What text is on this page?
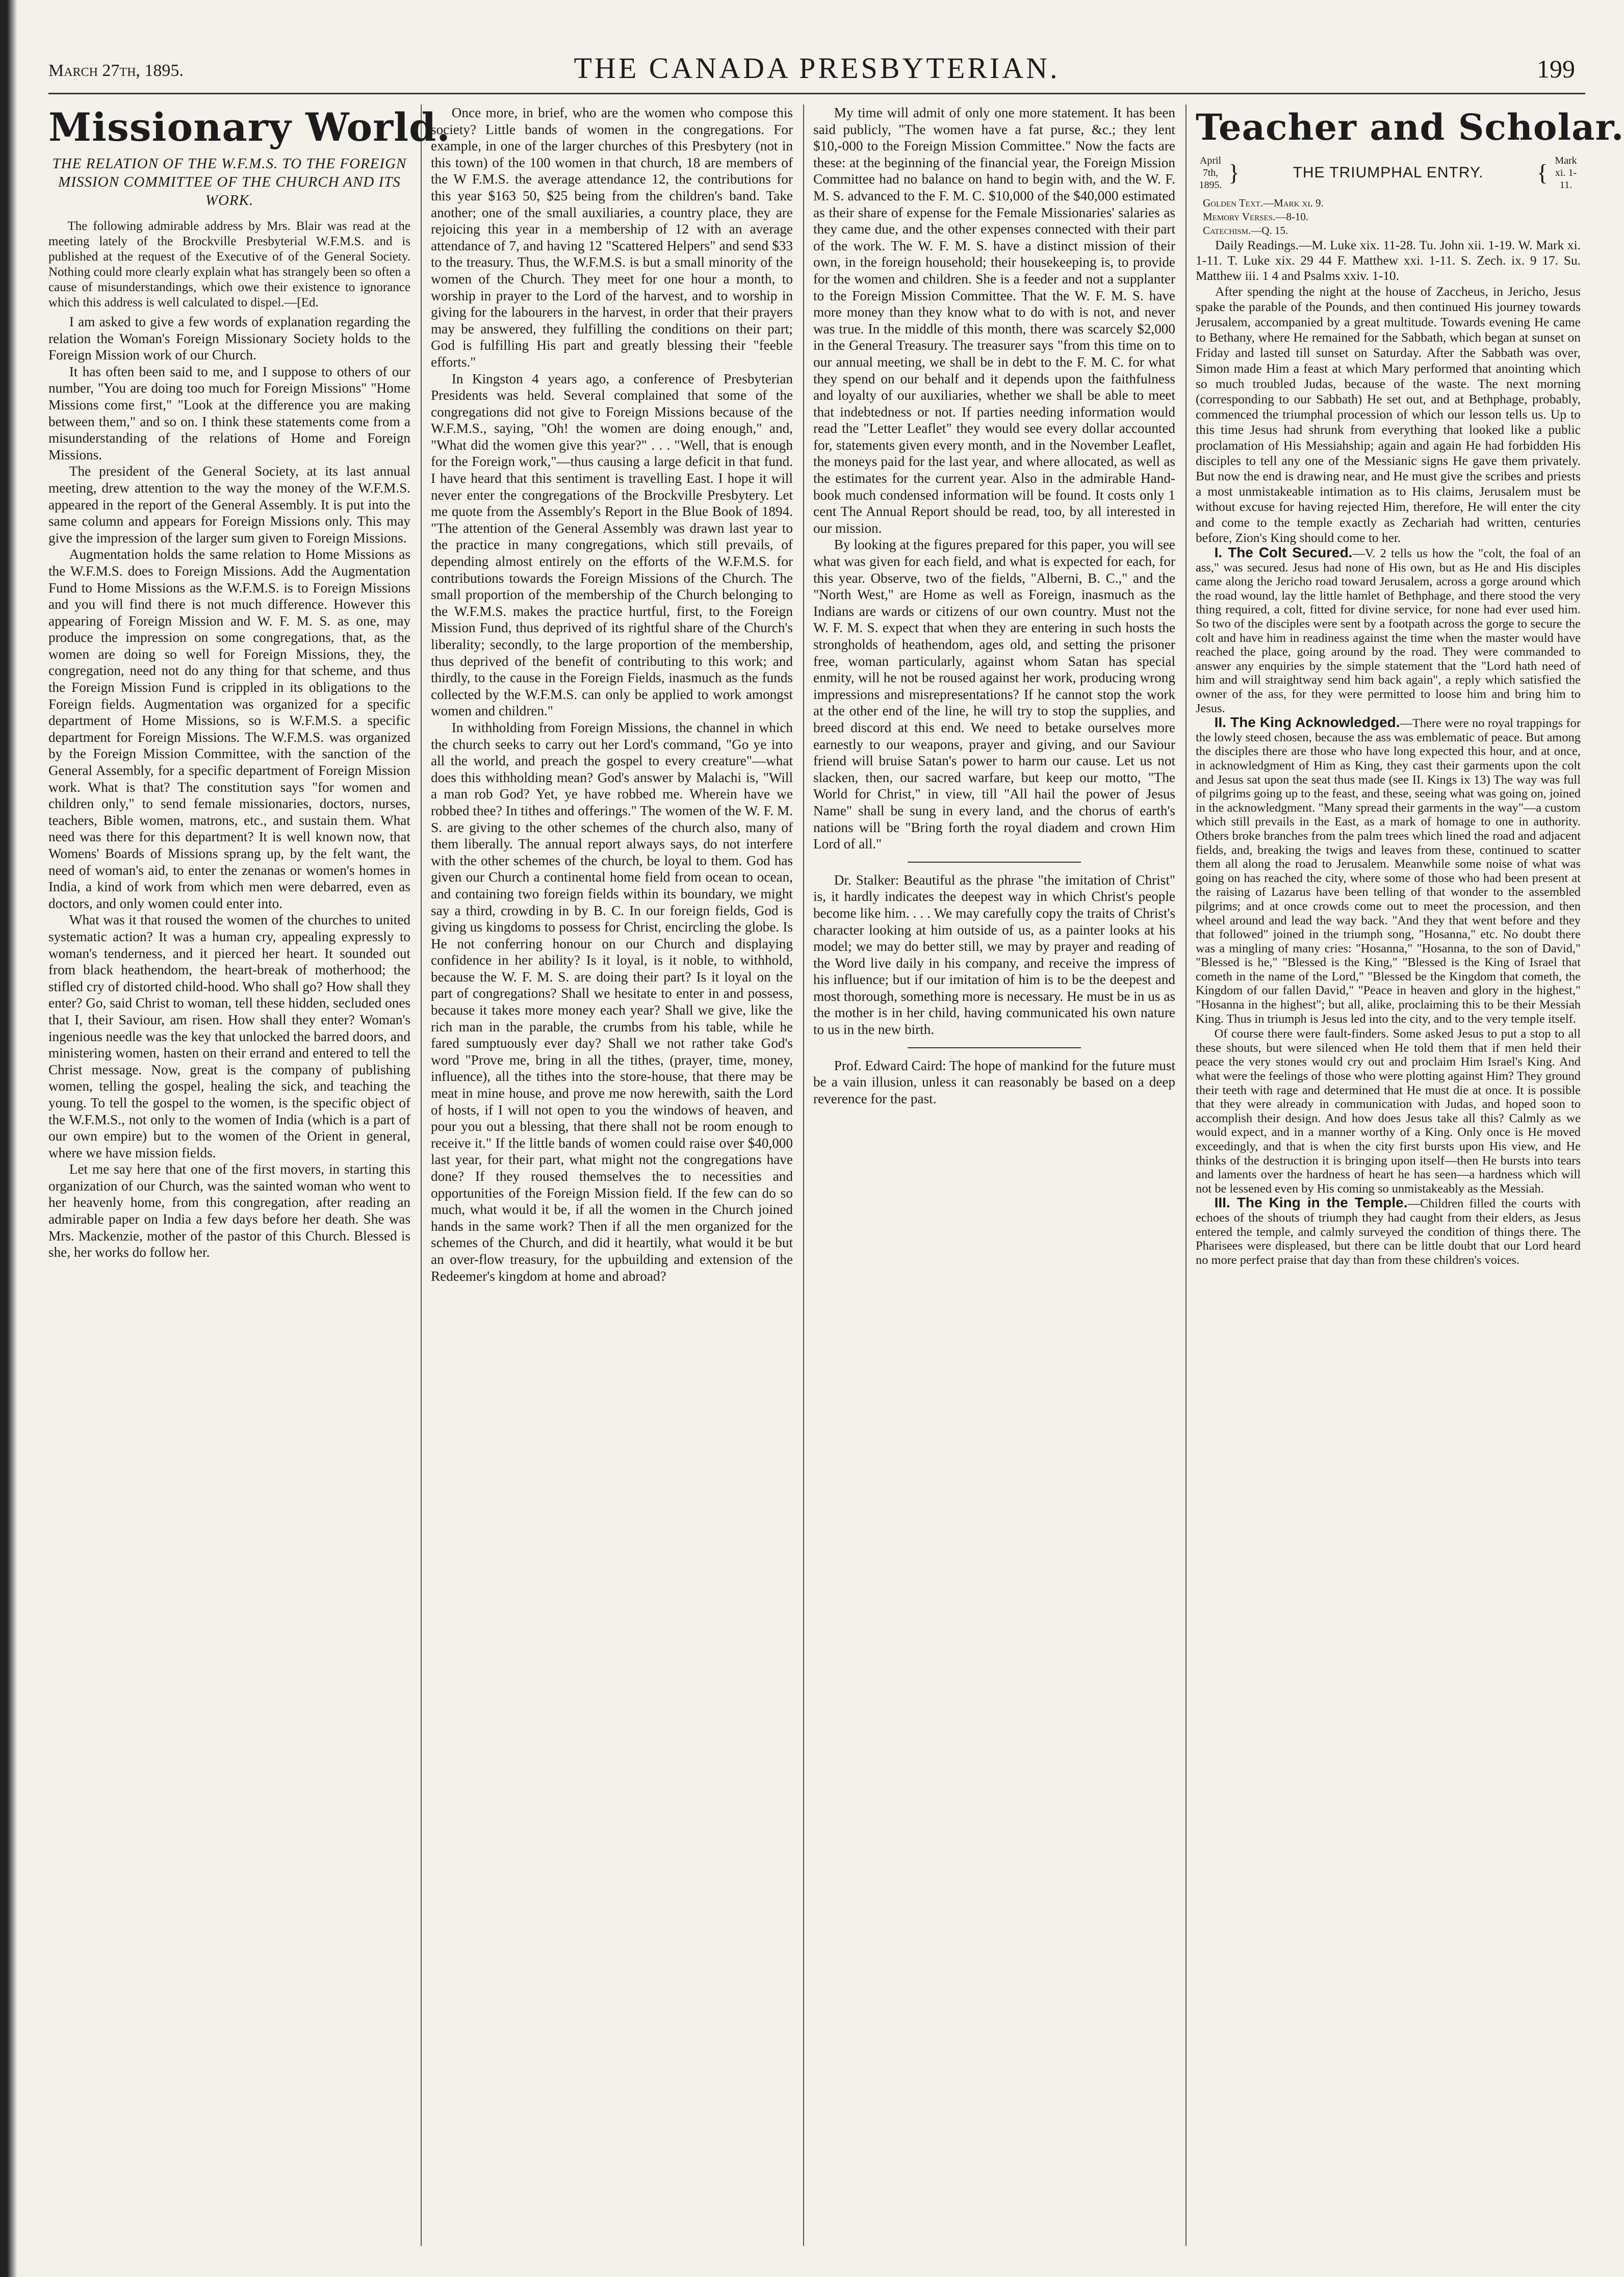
March 27th, 1895.	THE CANADA PRESBYTERIAN.	199
Missionary World.
THE RELATION OF THE W.F.M.S. TO THE FOREIGN MISSION COMMITTEE OF THE CHURCH AND ITS WORK.

The following admirable address by Mrs. Blair was read at the meeting lately of the Brockville Presbyterial W.F.M.S. and is published at the request of the Executive of of the General Society. Nothing could more clearly explain what has strangely been so often a cause of misunderstandings, which owe their existence to ignorance which this address is well calculated to dispel.—[Ed.

I am asked to give a few words of explanation regarding the relation the Woman's Foreign Missionary Society holds to the Foreign Mission work of our Church.

It has often been said to me, and I suppose to others of our number, "You are doing too much for Foreign Missions" "Home Missions come first," "Look at the difference you are making between them," and so on. I think these statements come from a misunderstanding of the relations of Home and Foreign Missions.

The president of the General Society, at its last annual meeting, drew attention to the way the money of the W.F.M.S. appeared in the report of the General Assembly. It is put into the same column and appears for Foreign Missions only. This may give the impression of the larger sum given to Foreign Missions.

Augmentation holds the same relation to Home Missions as the W.F.M.S. does to Foreign Missions. Add the Augmentation Fund to Home Missions as the W.F.M.S. is to Foreign Missions and you will find there is not much difference. However this appearing of Foreign Mission and W. F. M. S. as one, may produce the impression on some congregations, that, as the women are doing so well for Foreign Missions, they, the congregation, need not do any thing for that scheme, and thus the Foreign Mission Fund is crippled in its obligations to the Foreign fields. Augmentation was organized for a specific department of Home Missions, so is W.F.M.S. a specific department for Foreign Missions. The W.F.M.S. was organized by the Foreign Mission Committee, with the sanction of the General Assembly, for a specific department of Foreign Mission work. What is that? The constitution says "for women and children only," to send female missionaries, doctors, nurses, teachers, Bible women, matrons, etc., and sustain them. What need was there for this department? It is well known now, that Womens' Boards of Missions sprang up, by the felt want, the need of woman's aid, to enter the zenanas or women's homes in India, a kind of work from which men were debarred, even as doctors, and only women could enter into.

What was it that roused the women of the churches to united systematic action? It was a human cry, appealing expressly to woman's tenderness, and it pierced her heart. It sounded out from black heathendom, the heart-break of motherhood; the stifled cry of distorted child-hood. Who shall go? How shall they enter? Go, said Christ to woman, tell these hidden, secluded ones that I, their Saviour, am risen. How shall they enter? Woman's ingenious needle was the key that unlocked the barred doors, and ministering women, hasten on their errand and entered to tell the Christ message. Now, great is the company of publishing women, telling the gospel, healing the sick, and teaching the young. To tell the gospel to the women, is the specific object of the W.F.M.S., not only to the women of India (which is a part of our own empire) but to the women of the Orient in general, where we have mission fields.

Let me say here that one of the first movers, in starting this organization of our Church, was the sainted woman who went to her heavenly home, from this congregation, after reading an admirable paper on India a few days before her death. She was Mrs. Mackenzie, mother of the pastor of this Church. Blessed is she, her works do follow her.

Once more, in brief, who are the women who compose this society? Little bands of women in the congregations. For example, in one of the larger churches of this Presbytery (not in this town) of the 100 women in that church, 18 are members of the W F.M.S. the average attendance 12, the contributions for this year $163 50, $25 being from the children's band. Take another; one of the small auxiliaries, a country place, they are rejoicing this year in a membership of 12 with an average attendance of 7, and having 12 "Scattered Helpers" and send $33 to the treasury. Thus, the W.F.M.S. is but a small minority of the women of the Church. They meet for one hour a month, to worship in prayer to the Lord of the harvest, and to worship in giving for the labourers in the harvest, in order that their prayers may be answered, they fulfilling the conditions on their part; God is fulfilling His part and greatly blessing their "feeble efforts."

In Kingston 4 years ago, a conference of Presbyterian Presidents was held. Several complained that some of the congregations did not give to Foreign Missions because of the W.F.M.S., saying, "Oh! the women are doing enough," and, "What did the women give this year?" . . . "Well, that is enough for the Foreign work,"—thus causing a large deficit in that fund. I have heard that this sentiment is travelling East. I hope it will never enter the congregations of the Brockville Presbytery. Let me quote from the Assembly's Report in the Blue Book of 1894. "The attention of the General Assembly was drawn last year to the practice in many congregations, which still prevails, of depending almost entirely on the efforts of the W.F.M.S. for contributions towards the Foreign Missions of the Church. The small proportion of the membership of the Church belonging to the W.F.M.S. makes the practice hurtful, first, to the Foreign Mission Fund, thus deprived of its rightful share of the Church's liberality; secondly, to the large proportion of the membership, thus deprived of the benefit of contributing to this work; and thirdly, to the cause in the Foreign Fields, inasmuch as the funds collected by the W.F.M.S. can only be applied to work amongst women and children."

In withholding from Foreign Missions, the channel in which the church seeks to carry out her Lord's command, "Go ye into all the world, and preach the gospel to every creature"—what does this withholding mean? God's answer by Malachi is, "Will a man rob God? Yet, ye have robbed me. Wherein have we robbed thee? In tithes and offerings." The women of the W. F. M. S. are giving to the other schemes of the church also, many of them liberally. The annual report always says, do not interfere with the other schemes of the church, be loyal to them. God has given our Church a continental home field from ocean to ocean, and containing two foreign fields within its boundary, we might say a third, crowding in by B. C. In our foreign fields, God is giving us kingdoms to possess for Christ, encircling the globe. Is He not conferring honour on our Church and displaying confidence in her ability? Is it loyal, is it noble, to withhold, because the W. F. M. S. are doing their part? Is it loyal on the part of congregations? Shall we hesitate to enter in and possess, because it takes more money each year? Shall we give, like the rich man in the parable, the crumbs from his table, while he fared sumptuously ever day? Shall we not rather take God's word "Prove me, bring in all the tithes, (prayer, time, money, influence), all the tithes into the store-house, that there may be meat in mine house, and prove me now herewith, saith the Lord of hosts, if I will not open to you the windows of heaven, and pour you out a blessing, that there shall not be room enough to receive it." If the little bands of women could raise over $40,000 last year, for their part, what might not the congregations have done? If they roused themselves the to necessities and opportunities of the Foreign Mission field. If the few can do so much, what would it be, if all the women in the Church joined hands in the same work? Then if all the men organized for the schemes of the Church, and did it heartily, what would it be but an over-flow treasury, for the upbuilding and extension of the Redeemer's kingdom at home and abroad?

My time will admit of only one more statement. It has been said publicly, "The women have a fat purse, &c.; they lent $10,-000 to the Foreign Mission Committee." Now the facts are these: at the beginning of the financial year, the Foreign Mission Committee had no balance on hand to begin with, and the W. F. M. S. advanced to the F. M. C. $10,000 of the $40,000 estimated as their share of expense for the Female Missionaries' salaries as they came due, and the other expenses connected with their part of the work. The W. F. M. S. have a distinct mission of their own, in the foreign household; their housekeeping is, to provide for the women and children. She is a feeder and not a supplanter to the Foreign Mission Committee. That the W. F. M. S. have more money than they know what to do with is not, and never was true. In the middle of this month, there was scarcely $2,000 in the General Treasury. The treasurer says "from this time on to our annual meeting, we shall be in debt to the F. M. C. for what they spend on our behalf and it depends upon the faithfulness and loyalty of our auxiliaries, whether we shall be able to meet that indebtedness or not. If parties needing information would read the "Letter Leaflet" they would see every dollar accounted for, statements given every month, and in the November Leaflet, the moneys paid for the last year, and where allocated, as well as the estimates for the current year. Also in the admirable Hand-book much condensed information will be found. It costs only 1 cent The Annual Report should be read, too, by all interested in our mission.

By looking at the figures prepared for this paper, you will see what was given for each field, and what is expected for each, for this year. Observe, two of the fields, "Alberni, B. C.," and the "North West," are Home as well as Foreign, inasmuch as the Indians are wards or citizens of our own country. Must not the W. F. M. S. expect that when they are entering in such hosts the strongholds of heathendom, ages old, and setting the prisoner free, woman particularly, against whom Satan has special enmity, will he not be roused against her work, producing wrong impressions and misrepresentations? If he cannot stop the work at the other end of the line, he will try to stop the supplies, and breed discord at this end. We need to betake ourselves more earnestly to our weapons, prayer and giving, and our Saviour friend will bruise Satan's power to harm our cause. Let us not slacken, then, our sacred warfare, but keep our motto, "The World for Christ," in view, till "All hail the power of Jesus Name" shall be sung in every land, and the chorus of earth's nations will be "Bring forth the royal diadem and crown Him Lord of all."

Dr. Stalker: Beautiful as the phrase "the imitation of Christ" is, it hardly indicates the deepest way in which Christ's people become like him. . . . We may carefully copy the traits of Christ's character looking at him outside of us, as a painter looks at his model; we may do better still, we may by prayer and reading of the Word live daily in his company, and receive the impress of his influence; but if our imitation of him is to be the deepest and most thorough, something more is necessary. He must be in us as the mother is in her child, having communicated his own nature to us in the new birth.

Prof. Edward Caird: The hope of mankind for the future must be a vain illusion, unless it can reasonably be based on a deep reverence for the past.

Teacher and Scholar.
April 7th, 1895. }	THE TRIUMPHAL ENTRY.	{ Mark xi. 1-11.
Golden Text.—Mark xi. 9.
Memory Verses.—8-10.
Catechism.—Q. 15.

Daily Readings.—M. Luke xix. 11-28. Tu. John xii. 1-19. W. Mark xi. 1-11. T. Luke xix. 29 44 F. Matthew xxi. 1-11. S. Zech. ix. 9 17. Su. Matthew iii. 1 4 and Psalms xxiv. 1-10.

After spending the night at the house of Zaccheus, in Jericho, Jesus spake the parable of the Pounds, and then continued His journey towards Jerusalem, accompanied by a great multitude. Towards evening He came to Bethany, where He remained for the Sabbath, which began at sunset on Friday and lasted till sunset on Saturday. After the Sabbath was over, Simon made Him a feast at which Mary performed that anointing which so much troubled Judas, because of the waste. The next morning (corresponding to our Sabbath) He set out, and at Bethphage, probably, commenced the triumphal procession of which our lesson tells us. Up to this time Jesus had shrunk from everything that looked like a public proclamation of His Messiahship; again and again He had forbidden His disciples to tell any one of the Messianic signs He gave them privately. But now the end is drawing near, and He must give the scribes and priests a most unmistakeable intimation as to His claims, Jerusalem must be without excuse for having rejected Him, therefore, He will enter the city and come to the temple exactly as Zechariah had written, centuries before, Zion's King should come to her.

I. The Colt Secured.—V. 2 tells us how the "colt, the foal of an ass," was secured. Jesus had none of His own, but as He and His disciples came along the Jericho road toward Jerusalem, across a gorge around which the road wound, lay the little hamlet of Bethphage, and there stood the very thing required, a colt, fitted for divine service, for none had ever used him. So two of the disciples were sent by a footpath across the gorge to secure the colt and have him in readiness against the time when the master would have reached the place, going around by the road. They were commanded to answer any enquiries by the simple statement that the "Lord hath need of him and will straightway send him back again", a reply which satisfied the owner of the ass, for they were permitted to loose him and bring him to Jesus.

II. The King Acknowledged.—There were no royal trappings for the lowly steed chosen, because the ass was emblematic of peace. But among the disciples there are those who have long expected this hour, and at once, in acknowledgment of Him as King, they cast their garments upon the colt and Jesus sat upon the seat thus made (see II. Kings ix 13) The way was full of pilgrims going up to the feast, and these, seeing what was going on, joined in the acknowledgment. "Many spread their garments in the way"—a custom which still prevails in the East, as a mark of homage to one in authority. Others broke branches from the palm trees which lined the road and adjacent fields, and, breaking the twigs and leaves from these, continued to scatter them all along the road to Jerusalem. Meanwhile some noise of what was going on has reached the city, where some of those who had been present at the raising of Lazarus have been telling of that wonder to the assembled pilgrims; and at once crowds come out to meet the procession, and then wheel around and lead the way back. "And they that went before and they that followed" joined in the triumph song, "Hosanna," etc. No doubt there was a mingling of many cries: "Hosanna," "Hosanna, to the son of David," "Blessed is he," "Blessed is the King," "Blessed is the King of Israel that cometh in the name of the Lord," "Blessed be the Kingdom that cometh, the Kingdom of our fallen David," "Peace in heaven and glory in the highest," "Hosanna in the highest"; but all, alike, proclaiming this to be their Messiah King. Thus in triumph is Jesus led into the city, and to the very temple itself.

Of course there were fault-finders. Some asked Jesus to put a stop to all these shouts, but were silenced when He told them that if men held their peace the very stones would cry out and proclaim Him Israel's King. And what were the feelings of those who were plotting against Him? They ground their teeth with rage and determined that He must die at once. It is possible that they were already in communication with Judas, and hoped soon to accomplish their design. And how does Jesus take all this? Calmly as we would expect, and in a manner worthy of a King. Only once is He moved exceedingly, and that is when the city first bursts upon His view, and He thinks of the destruction it is bringing upon itself—then He bursts into tears and laments over the hardness of heart he has seen—a hardness which will not be lessened even by His coming so unmistakeably as the Messiah.

III. The King in the Temple.—Children filled the courts with echoes of the shouts of triumph they had caught from their elders, as Jesus entered the temple, and calmly surveyed the condition of things there. The Pharisees were displeased, but there can be little doubt that our Lord heard no more perfect praise that day than from these children's voices.
